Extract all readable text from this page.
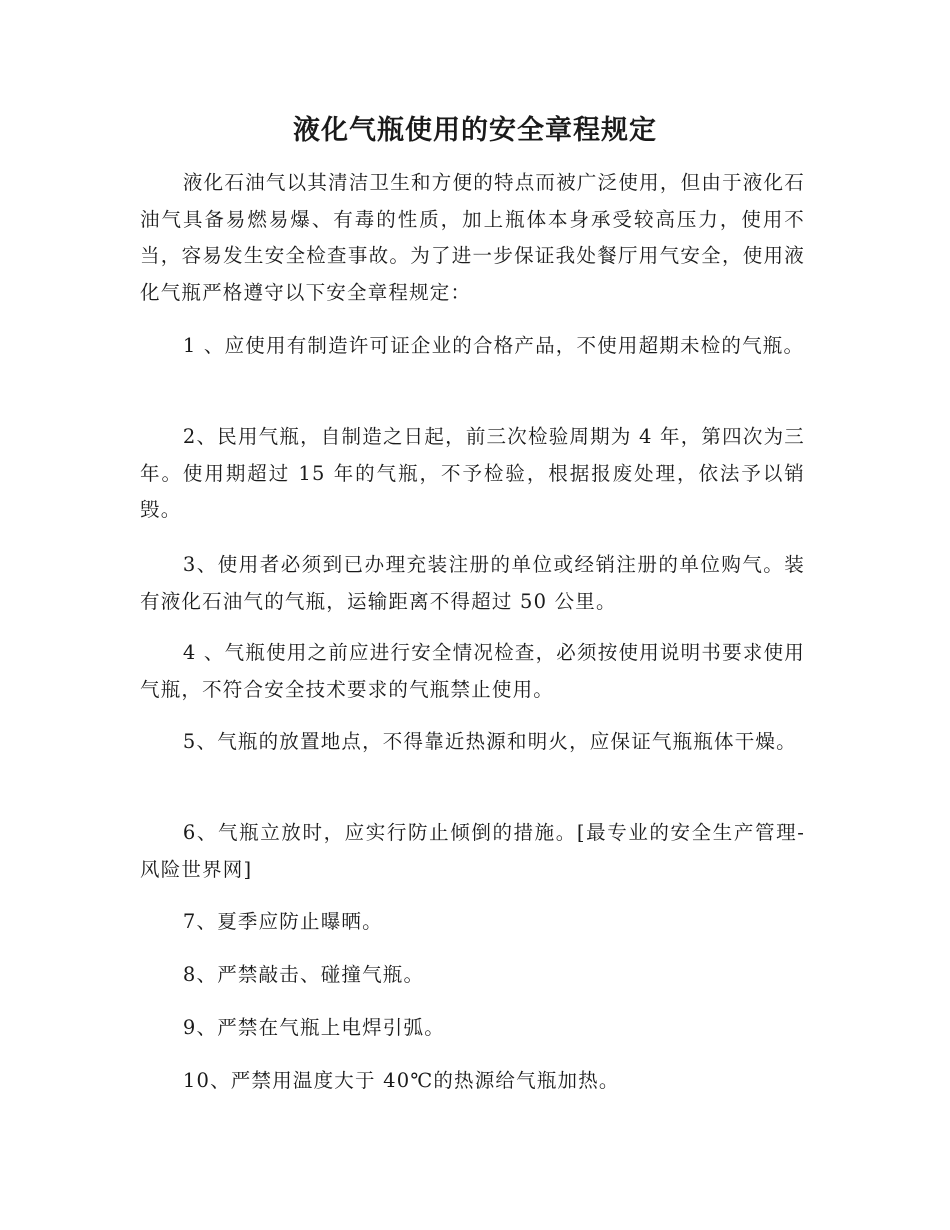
液化气瓶使用的安全章程规定

液化石油气以其清洁卫生和方便的特点而被广泛使用，但由于液化石油气具备易燃易爆、有毒的性质，加上瓶体本身承受较高压力，使用不当，容易发生安全检查事故。为了进一步保证我处餐厅用气安全，使用液化气瓶严格遵守以下安全章程规定：

1 、应使用有制造许可证企业的合格产品，不使用超期未检的气瓶。

2、民用气瓶，自制造之日起，前三次检验周期为 4 年，第四次为三年。使用期超过 15 年的气瓶，不予检验，根据报废处理，依法予以销毁。

3、使用者必须到已办理充装注册的单位或经销注册的单位购气。装有液化石油气的气瓶，运输距离不得超过 50 公里。

4 、气瓶使用之前应进行安全情况检查，必须按使用说明书要求使用气瓶，不符合安全技术要求的气瓶禁止使用。

5、气瓶的放置地点，不得靠近热源和明火，应保证气瓶瓶体干燥。

6、气瓶立放时，应实行防止倾倒的措施。[最专业的安全生产管理-风险世界网]

7、夏季应防止曝晒。

8、严禁敲击、碰撞气瓶。

9、严禁在气瓶上电焊引弧。

10、严禁用温度大于 40℃的热源给气瓶加热。
